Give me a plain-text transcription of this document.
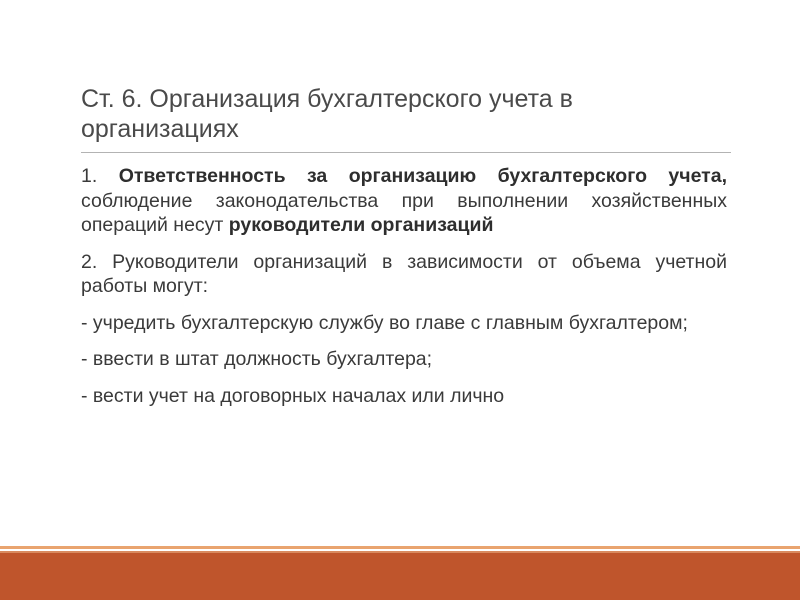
Ст. 6. Организация бухгалтерского учета в организациях

1. Ответственность за организацию бухгалтерского учета, соблюдение законодательства при выполнении хозяйственных операций несут руководители организаций

2. Руководители организаций в зависимости от объема учетной работы могут:

- учредить бухгалтерскую службу во главе с главным бухгалтером;

- ввести в штат должность бухгалтера;

- вести учет на договорных началах или лично
